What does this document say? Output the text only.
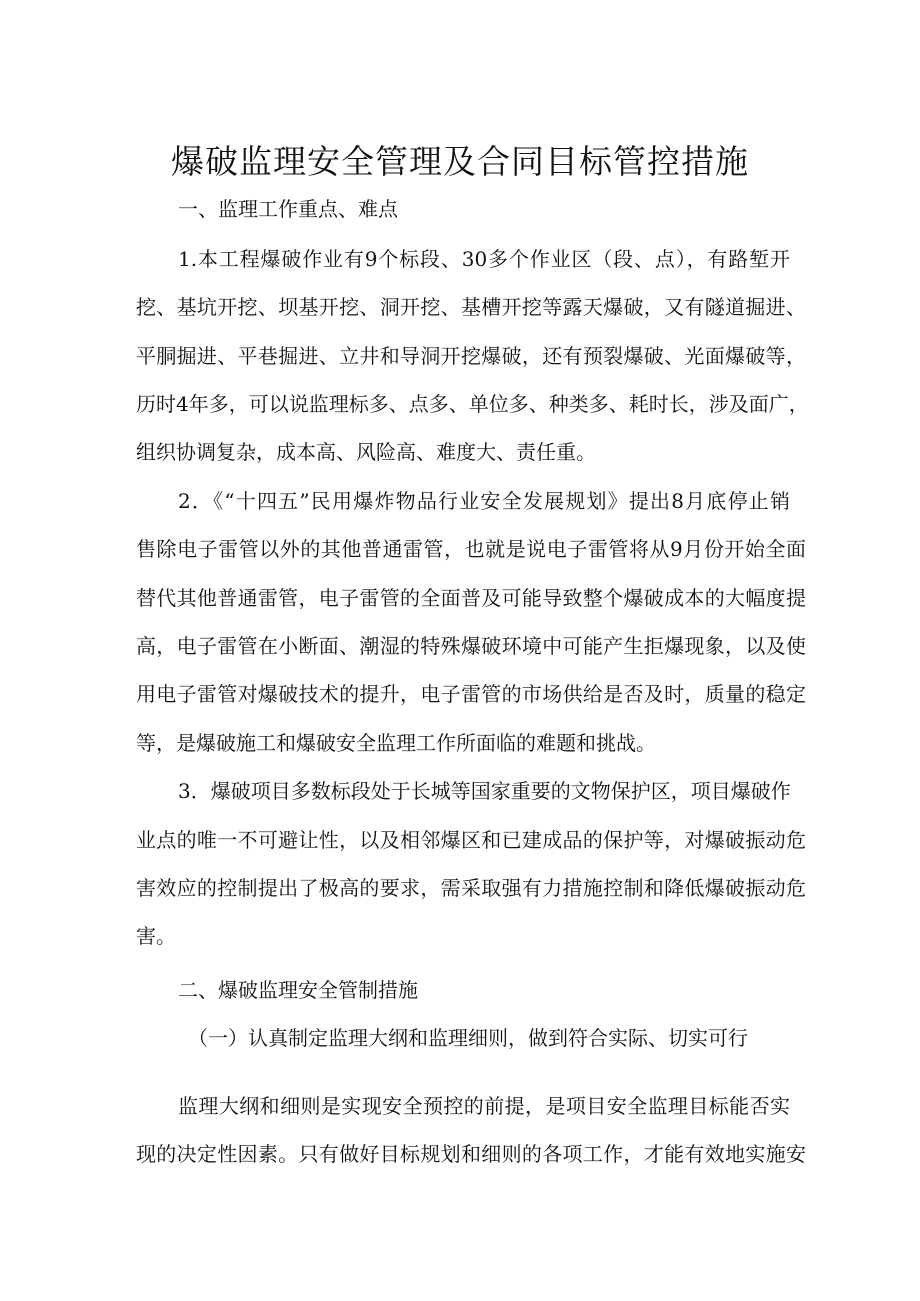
爆破监理安全管理及合同目标管控措施
一、监理工作重点、难点
1.本工程爆破作业有9个标段、30多个作业区（段、点），有路堑开
挖、基坑开挖、坝基开挖、洞开挖、基槽开挖等露天爆破，又有隧道掘进、
平胴掘进、平巷掘进、立井和导洞开挖爆破，还有预裂爆破、光面爆破等，
历时4年多，可以说监理标多、点多、单位多、种类多、耗时长，涉及面广，
组织协调复杂，成本高、风险高、难度大、责任重。
2．《“十四五”民用爆炸物品行业安全发展规划》提出8月底停止销
售除电子雷管以外的其他普通雷管，也就是说电子雷管将从9月份开始全面
替代其他普通雷管，电子雷管的全面普及可能导致整个爆破成本的大幅度提
高，电子雷管在小断面、潮湿的特殊爆破环境中可能产生拒爆现象，以及使
用电子雷管对爆破技术的提升，电子雷管的市场供给是否及时，质量的稳定
等，是爆破施工和爆破安全监理工作所面临的难题和挑战。
3．爆破项目多数标段处于长城等国家重要的文物保护区，项目爆破作
业点的唯一不可避让性，以及相邻爆区和已建成品的保护等，对爆破振动危
害效应的控制提出了极高的要求，需采取强有力措施控制和降低爆破振动危
害。
二、爆破监理安全管制措施
（一）认真制定监理大纲和监理细则，做到符合实际、切实可行
监理大纲和细则是实现安全预控的前提，是项目安全监理目标能否实
现的决定性因素。只有做好目标规划和细则的各项工作，才能有效地实施安
